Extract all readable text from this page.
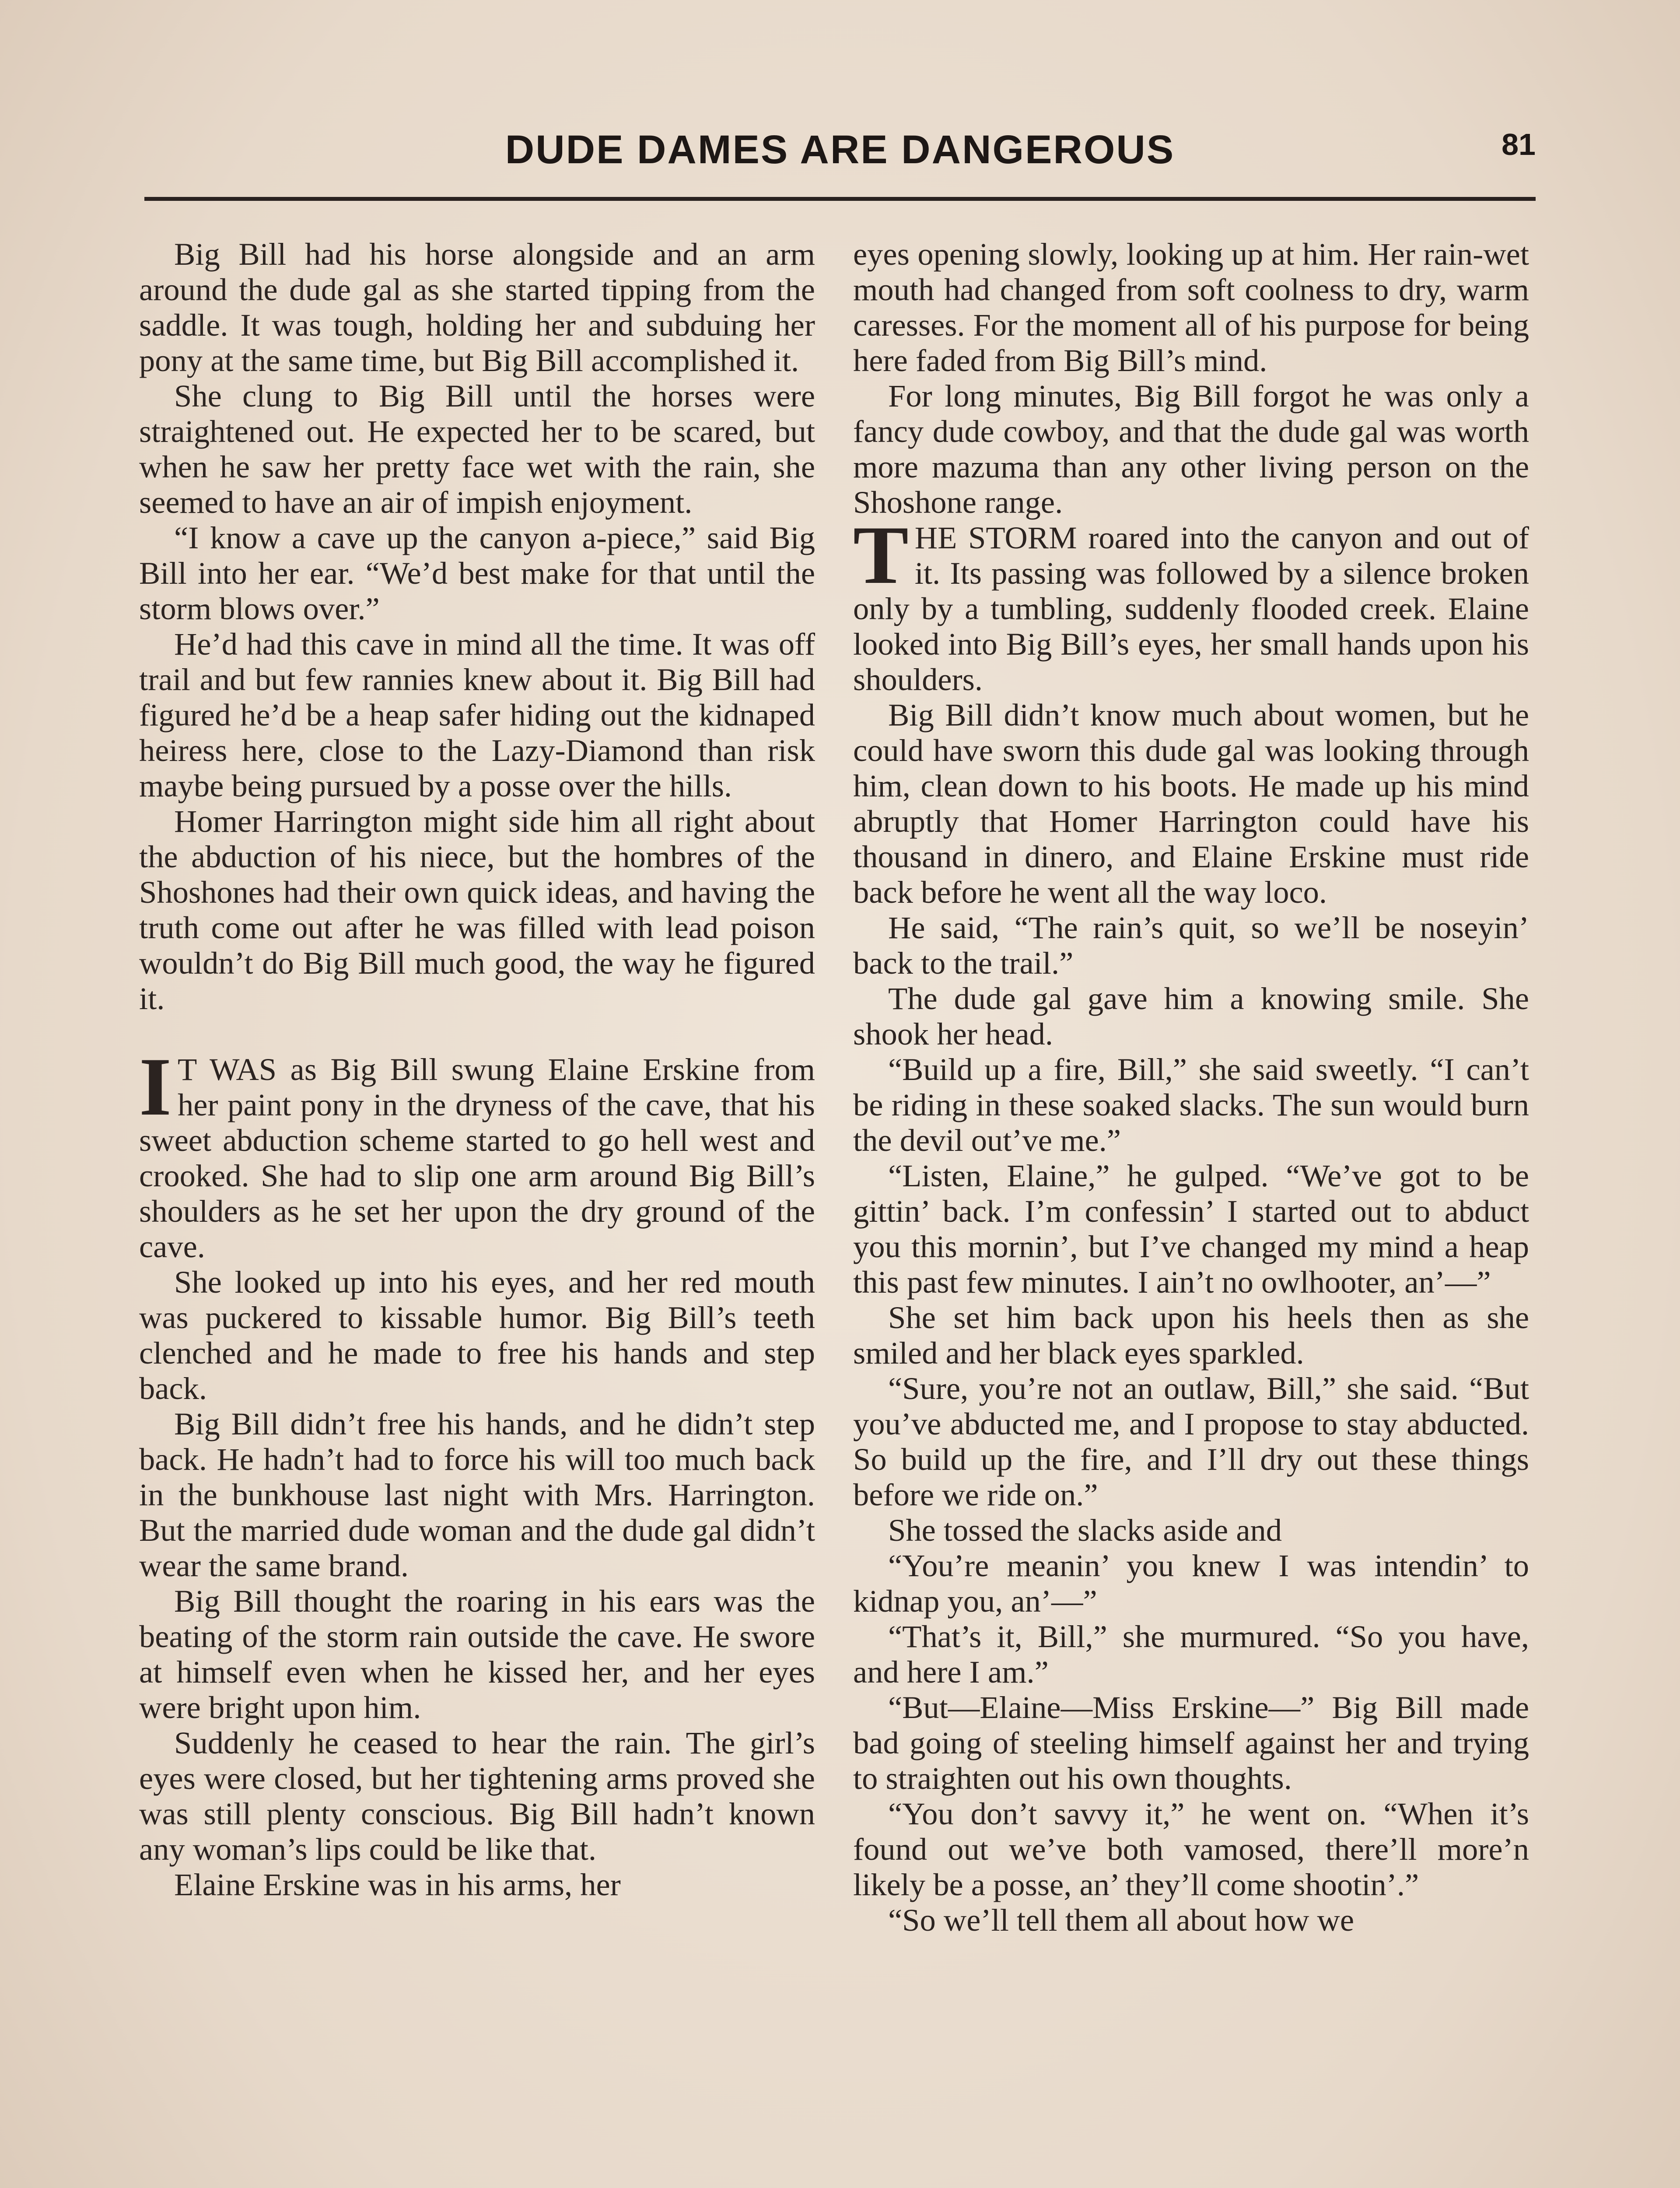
DUDE DAMES ARE DANGEROUS	81

Big Bill had his horse alongside and an arm around the dude gal as she started tipping from the saddle. It was tough, holding her and subduing her pony at the same time, but Big Bill accomplished it.

She clung to Big Bill until the horses were straightened out. He expected her to be scared, but when he saw her pretty face wet with the rain, she seemed to have an air of impish enjoyment.

“I know a cave up the canyon a-piece,” said Big Bill into her ear. “We’d best make for that until the storm blows over.”

He’d had this cave in mind all the time. It was off trail and but few rannies knew about it. Big Bill had figured he’d be a heap safer hiding out the kidnaped heiress here, close to the Lazy-Diamond than risk maybe being pursued by a posse over the hills.

Homer Harrington might side him all right about the abduction of his niece, but the hombres of the Shoshones had their own quick ideas, and having the truth come out after he was filled with lead poison wouldn’t do Big Bill much good, the way he figured it.

I T WAS as Big Bill swung Elaine Erskine from her paint pony in the dryness of the cave, that his sweet abduction scheme started to go hell west and crooked. She had to slip one arm around Big Bill’s shoulders as he set her upon the dry ground of the cave.

She looked up into his eyes, and her red mouth was puckered to kissable humor. Big Bill’s teeth clenched and he made to free his hands and step back.

Big Bill didn’t free his hands, and he didn’t step back. He hadn’t had to force his will too much back in the bunkhouse last night with Mrs. Harrington. But the married dude woman and the dude gal didn’t wear the same brand.

Big Bill thought the roaring in his ears was the beating of the storm rain outside the cave. He swore at himself even when he kissed her, and her eyes were bright upon him.

Suddenly he ceased to hear the rain. The girl’s eyes were closed, but her tightening arms proved she was still plenty conscious. Big Bill hadn’t known any woman’s lips could be like that.

Elaine Erskine was in his arms, her

eyes opening slowly, looking up at him. Her rain-wet mouth had changed from soft coolness to dry, warm caresses. For the moment all of his purpose for being here faded from Big Bill’s mind.

For long minutes, Big Bill forgot he was only a fancy dude cowboy, and that the dude gal was worth more mazuma than any other living person on the Shoshone range.

THE STORM roared into the canyon and out of it. Its passing was followed by a silence broken only by a tumbling, suddenly flooded creek. Elaine looked into Big Bill’s eyes, her small hands upon his shoulders.

Big Bill didn’t know much about women, but he could have sworn this dude gal was looking through him, clean down to his boots. He made up his mind abruptly that Homer Harrington could have his thousand in dinero, and Elaine Erskine must ride back before he went all the way loco.

He said, “The rain’s quit, so we’ll be noseyin’ back to the trail.”

The dude gal gave him a knowing smile. She shook her head.

“Build up a fire, Bill,” she said sweetly. “I can’t be riding in these soaked slacks. The sun would burn the devil out’ve me.”

“Listen, Elaine,” he gulped. “We’ve got to be gittin’ back. I’m confessin’ I started out to abduct you this mornin’, but I’ve changed my mind a heap this past few minutes. I ain’t no owlhooter, an’—”

She set him back upon his heels then as she smiled and her black eyes sparkled.

“Sure, you’re not an outlaw, Bill,” she said. “But you’ve abducted me, and I propose to stay abducted. So build up the fire, and I’ll dry out these things before we ride on.”

She tossed the slacks aside and

“You’re meanin’ you knew I was intendin’ to kidnap you, an’—”

“That’s it, Bill,” she murmured. “So you have, and here I am.”

“But—Elaine—Miss Erskine—” Big Bill made bad going of steeling himself against her and trying to straighten out his own thoughts.

“You don’t savvy it,” he went on. “When it’s found out we’ve both vamosed, there’ll more’n likely be a posse, an’ they’ll come shootin’.”

“So we’ll tell them all about how we
